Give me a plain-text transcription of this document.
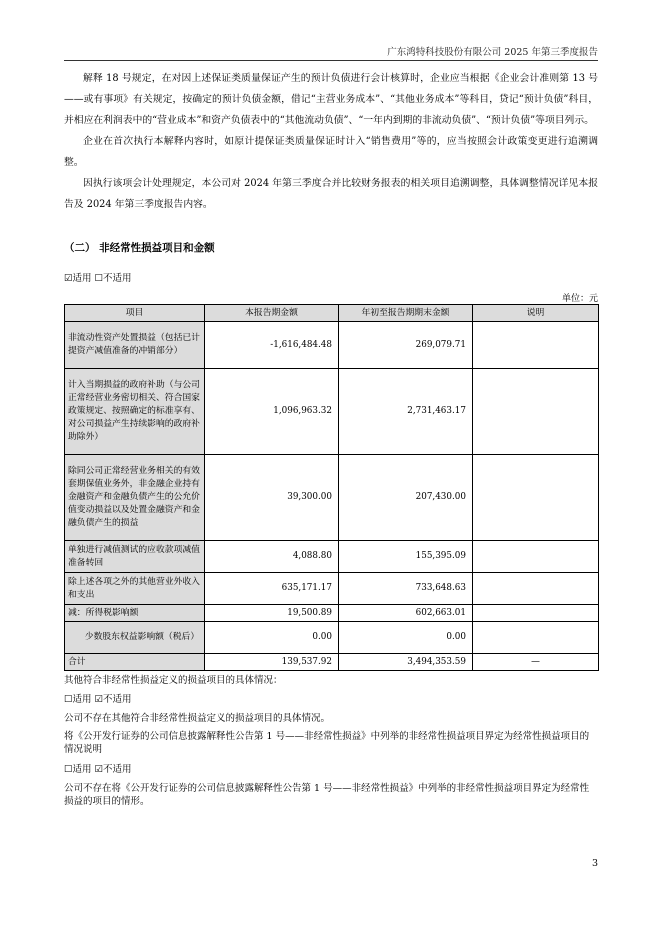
广东鸿特科技股份有限公司 2025 年第三季度报告

解释 18 号规定，在对因上述保证类质量保证产生的预计负债进行会计核算时，企业应当根据《企业会计准则第 13 号——或有事项》有关规定，按确定的预计负债金额，借记“主营业务成本”、“其他业务成本”等科目，贷记“预计负债”科目，并相应在利润表中的“营业成本”和资产负债表中的“其他流动负债”、“一年内到期的非流动负债”、“预计负债”等项目列示。

企业在首次执行本解释内容时，如原计提保证类质量保证时计入“销售费用”等的，应当按照会计政策变更进行追溯调整。

因执行该项会计处理规定，本公司对 2024 年第三季度合并比较财务报表的相关项目追溯调整，具体调整情况详见本报告及 2024 年第三季度报告内容。

（二） 非经常性损益项目和金额
☑适用 ☐不适用
单位：元
项目	本报告期金额	年初至报告期期末金额	说明
非流动性资产处置损益（包括已计提资产减值准备的冲销部分）	-1,616,484.48	269,079.71	
计入当期损益的政府补助（与公司正常经营业务密切相关、符合国家政策规定、按照确定的标准享有、对公司损益产生持续影响的政府补助除外）	1,096,963.32	2,731,463.17	
除同公司正常经营业务相关的有效套期保值业务外，非金融企业持有金融资产和金融负债产生的公允价值变动损益以及处置金融资产和金融负债产生的损益	39,300.00	207,430.00	
单独进行减值测试的应收款项减值准备转回	4,088.80	155,395.09	
除上述各项之外的其他营业外收入和支出	635,171.17	733,648.63	
减：所得税影响额	19,500.89	602,663.01	
少数股东权益影响额（税后）	0.00	0.00	
合计	139,537.92	3,494,353.59	—
其他符合非经常性损益定义的损益项目的具体情况：
☐适用 ☑不适用
公司不存在其他符合非经常性损益定义的损益项目的具体情况。
将《公开发行证券的公司信息披露解释性公告第 1 号——非经常性损益》中列举的非经常性损益项目界定为经常性损益项目的情况说明
☐适用 ☑不适用
公司不存在将《公开发行证券的公司信息披露解释性公告第 1 号——非经常性损益》中列举的非经常性损益项目界定为经常性损益的项目的情形。
3
